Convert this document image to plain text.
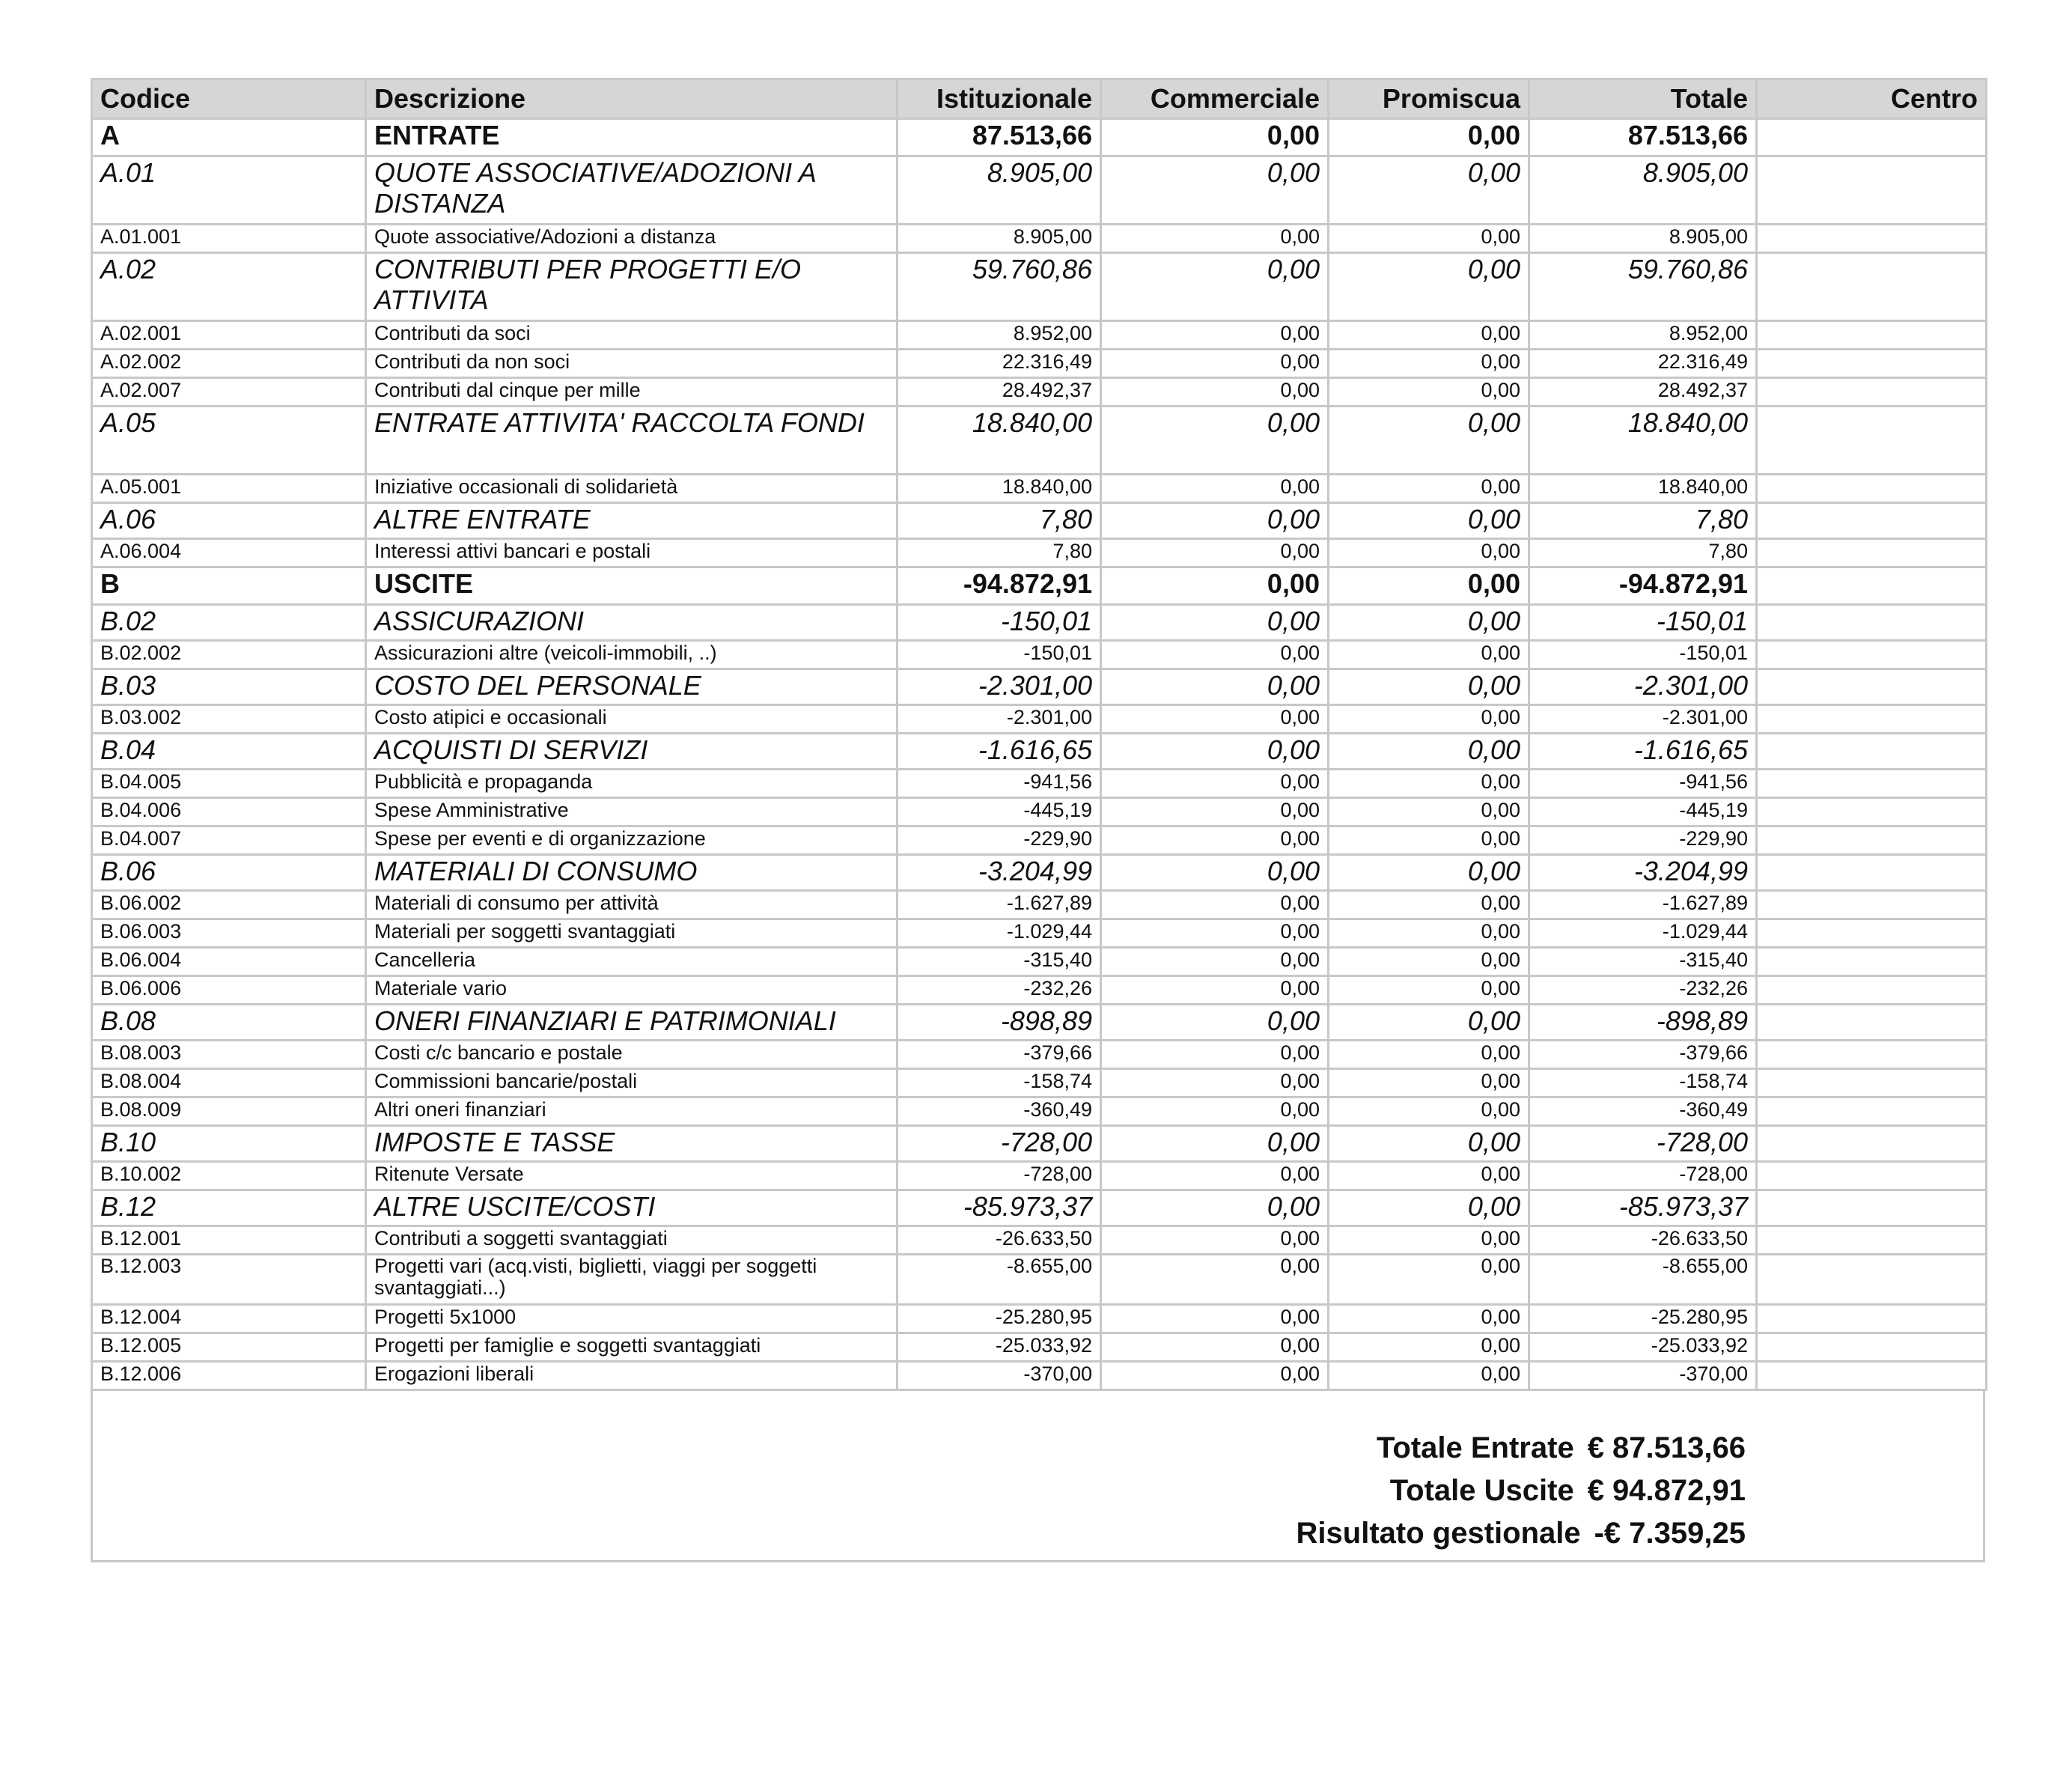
Codice	Descrizione	Istituzionale	Commerciale	Promiscua	Totale	Centro
A	ENTRATE	87.513,66	0,00	0,00	87.513,66	
A.01	QUOTE ASSOCIATIVE/ADOZIONI A DISTANZA	8.905,00	0,00	0,00	8.905,00	
A.01.001	Quote associative/Adozioni a distanza	8.905,00	0,00	0,00	8.905,00	
A.02	CONTRIBUTI PER PROGETTI E/O ATTIVITA	59.760,86	0,00	0,00	59.760,86	
A.02.001	Contributi da soci	8.952,00	0,00	0,00	8.952,00	
A.02.002	Contributi da non soci	22.316,49	0,00	0,00	22.316,49	
A.02.007	Contributi dal cinque per mille	28.492,37	0,00	0,00	28.492,37	
A.05	ENTRATE ATTIVITA' RACCOLTA FONDI	18.840,00	0,00	0,00	18.840,00	
A.05.001	Iniziative occasionali di solidarietà	18.840,00	0,00	0,00	18.840,00	
A.06	ALTRE ENTRATE	7,80	0,00	0,00	7,80	
A.06.004	Interessi attivi bancari e postali	7,80	0,00	0,00	7,80	
B	USCITE	-94.872,91	0,00	0,00	-94.872,91	
B.02	ASSICURAZIONI	-150,01	0,00	0,00	-150,01	
B.02.002	Assicurazioni altre (veicoli-immobili, ..)	-150,01	0,00	0,00	-150,01	
B.03	COSTO DEL PERSONALE	-2.301,00	0,00	0,00	-2.301,00	
B.03.002	Costo atipici e occasionali	-2.301,00	0,00	0,00	-2.301,00	
B.04	ACQUISTI DI SERVIZI	-1.616,65	0,00	0,00	-1.616,65	
B.04.005	Pubblicità e propaganda	-941,56	0,00	0,00	-941,56	
B.04.006	Spese Amministrative	-445,19	0,00	0,00	-445,19	
B.04.007	Spese per eventi e di organizzazione	-229,90	0,00	0,00	-229,90	
B.06	MATERIALI DI CONSUMO	-3.204,99	0,00	0,00	-3.204,99	
B.06.002	Materiali di consumo per attività	-1.627,89	0,00	0,00	-1.627,89	
B.06.003	Materiali per soggetti svantaggiati	-1.029,44	0,00	0,00	-1.029,44	
B.06.004	Cancelleria	-315,40	0,00	0,00	-315,40	
B.06.006	Materiale vario	-232,26	0,00	0,00	-232,26	
B.08	ONERI FINANZIARI E PATRIMONIALI	-898,89	0,00	0,00	-898,89	
B.08.003	Costi c/c bancario e postale	-379,66	0,00	0,00	-379,66	
B.08.004	Commissioni bancarie/postali	-158,74	0,00	0,00	-158,74	
B.08.009	Altri oneri finanziari	-360,49	0,00	0,00	-360,49	
B.10	IMPOSTE E TASSE	-728,00	0,00	0,00	-728,00	
B.10.002	Ritenute Versate	-728,00	0,00	0,00	-728,00	
B.12	ALTRE USCITE/COSTI	-85.973,37	0,00	0,00	-85.973,37	
B.12.001	Contributi a soggetti svantaggiati	-26.633,50	0,00	0,00	-26.633,50	
B.12.003	Progetti vari (acq.visti, biglietti, viaggi per soggetti svantaggiati...)	-8.655,00	0,00	0,00	-8.655,00	
B.12.004	Progetti 5x1000	-25.280,95	0,00	0,00	-25.280,95	
B.12.005	Progetti per famiglie e soggetti svantaggiati	-25.033,92	0,00	0,00	-25.033,92	
B.12.006	Erogazioni liberali	-370,00	0,00	0,00	-370,00	
Totale Entrate € 87.513,66
Totale Uscite € 94.872,91
Risultato gestionale -€ 7.359,25
